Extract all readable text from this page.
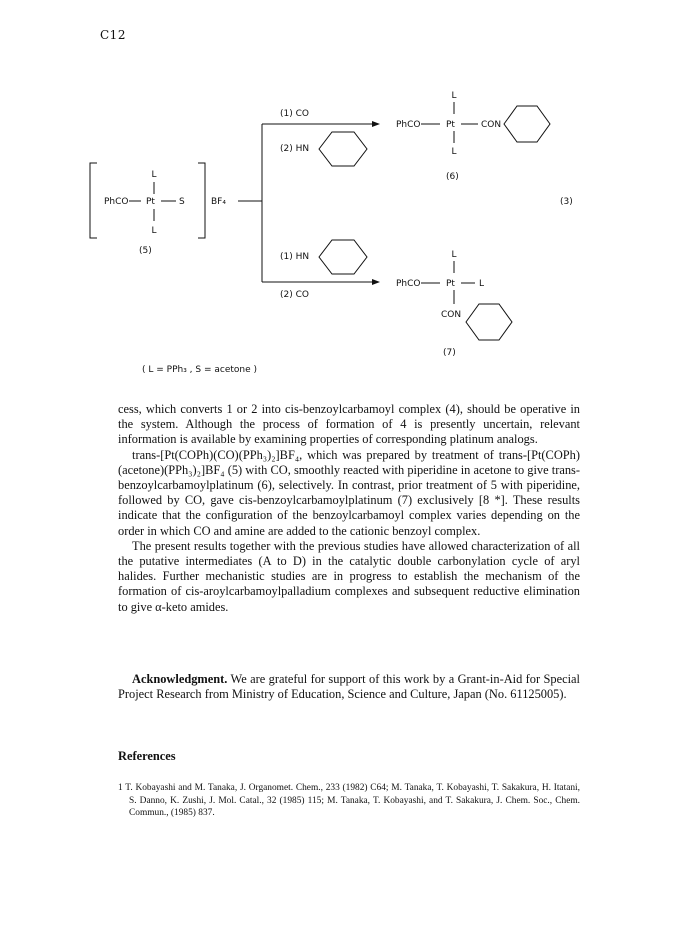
C12
L
PhCO Pt	S
L
BF₄
(5)
(1) CO
(2) HN
(1) HN
(2) CO
L
PhCO	Pt	CON
L
(6)
(3)
L
PhCO	Pt	L
CON
(7)
( L = PPh₃ , S = acetone )

cess, which converts 1 or 2 into cis-benzoylcarbamoyl complex (4), should be operative in the system. Although the process of formation of 4 is presently uncertain, relevant information is available by examining properties of corresponding platinum analogs.

trans-[Pt(COPh)(CO)(PPh₃)₂]BF₄, which was prepared by treatment of trans-[Pt(COPh)(acetone)(PPh₃)₂]BF₄ (5) with CO, smoothly reacted with piperidine in acetone to give trans-benzoylcarbamoylplatinum (6), selectively. In contrast, prior treatment of 5 with piperidine, followed by CO, gave cis-benzoylcarbamoylplatinum (7) exclusively [8 *]. These results indicate that the configuration of the benzoylcarbamoyl complex varies depending on the order in which CO and amine are added to the cationic benzoyl complex.

The present results together with the previous studies have allowed characterization of all the putative intermediates (A to D) in the catalytic double carbonylation cycle of aryl halides. Further mechanistic studies are in progress to establish the mechanism of the formation of cis-aroylcarbamoylpalladium complexes and subsequent reductive elimination to give α-keto amides.

Acknowledgment. We are grateful for support of this work by a Grant-in-Aid for Special Project Research from Ministry of Education, Science and Culture, Japan (No. 61125005).
References
1 T. Kobayashi and M. Tanaka, J. Organomet. Chem., 233 (1982) C64; M. Tanaka, T. Kobayashi, T. Sakakura, H. Itatani, S. Danno, K. Zushi, J. Mol. Catal., 32 (1985) 115; M. Tanaka, T. Kobayashi, and T. Sakakura, J. Chem. Soc., Chem. Commun., (1985) 837.
